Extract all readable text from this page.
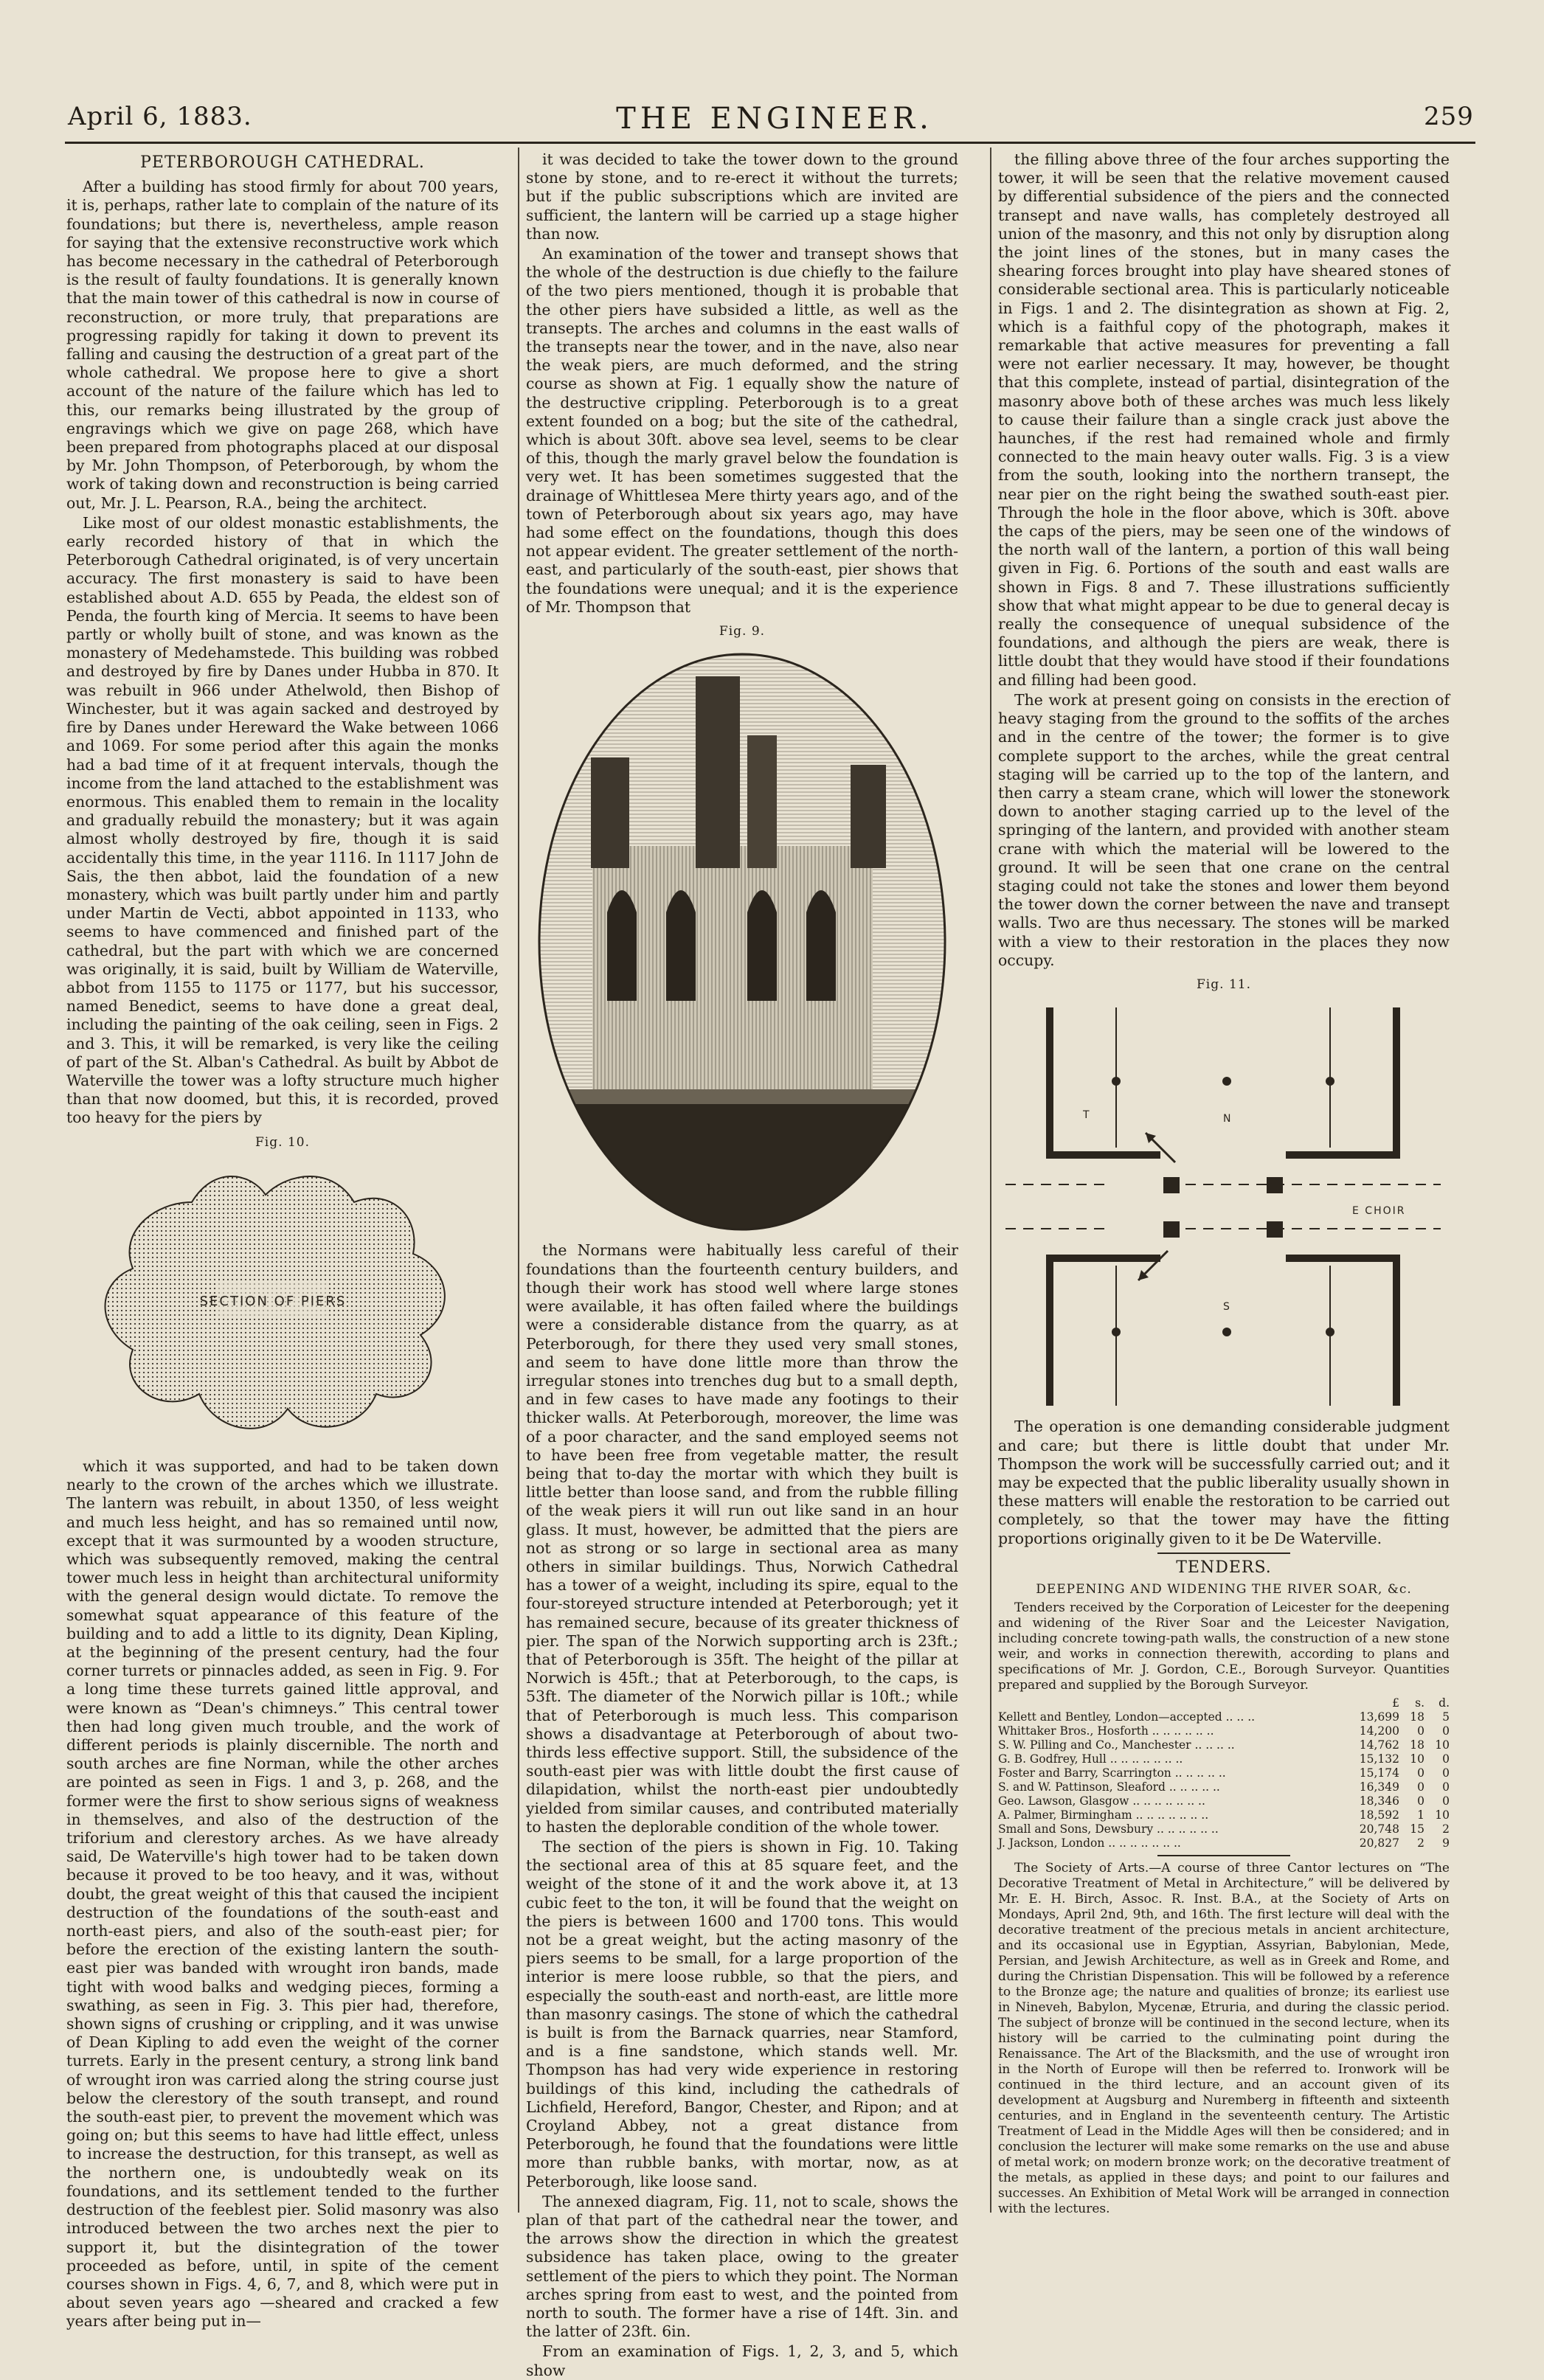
April 6, 1883.	THE ENGINEER.	259
PETERBOROUGH CATHEDRAL.

After a building has stood firmly for about 700 years, it is, perhaps, rather late to complain of the nature of its foundations; but there is, nevertheless, ample reason for saying that the extensive reconstructive work which has become necessary in the cathedral of Peterborough is the result of faulty foundations. It is generally known that the main tower of this cathedral is now in course of reconstruction, or more truly, that preparations are progressing rapidly for taking it down to prevent its falling and causing the destruction of a great part of the whole cathedral. We propose here to give a short account of the nature of the failure which has led to this, our remarks being illustrated by the group of engravings which we give on page 268, which have been prepared from photographs placed at our disposal by Mr. John Thompson, of Peterborough, by whom the work of taking down and reconstruction is being carried out, Mr. J. L. Pearson, R.A., being the architect.

Like most of our oldest monastic establishments, the early recorded history of that in which the Peterborough Cathedral originated, is of very uncertain accuracy. The first monastery is said to have been established about A.D. 655 by Peada, the eldest son of Penda, the fourth king of Mercia. It seems to have been partly or wholly built of stone, and was known as the monastery of Medehamstede. This building was robbed and destroyed by fire by Danes under Hubba in 870. It was rebuilt in 966 under Athelwold, then Bishop of Winchester, but it was again sacked and destroyed by fire by Danes under Hereward the Wake between 1066 and 1069. For some period after this again the monks had a bad time of it at frequent intervals, though the income from the land attached to the establishment was enormous. This enabled them to remain in the locality and gradually rebuild the monastery; but it was again almost wholly destroyed by fire, though it is said accidentally this time, in the year 1116. In 1117 John de Sais, the then abbot, laid the foundation of a new monastery, which was built partly under him and partly under Martin de Vecti, abbot appointed in 1133, who seems to have commenced and finished part of the cathedral, but the part with which we are concerned was originally, it is said, built by William de Waterville, abbot from 1155 to 1175 or 1177, but his successor, named Benedict, seems to have done a great deal, including the painting of the oak ceiling, seen in Figs. 2 and 3. This, it will be remarked, is very like the ceiling of part of the St. Alban's Cathedral. As built by Abbot de Waterville the tower was a lofty structure much higher than that now doomed, but this, it is recorded, proved too heavy for the piers by

Fig. 10.
SECTION OF PIERS

which it was supported, and had to be taken down nearly to the crown of the arches which we illustrate. The lantern was rebuilt, in about 1350, of less weight and much less height, and has so remained until now, except that it was surmounted by a wooden structure, which was subsequently removed, making the central tower much less in height than architectural uniformity with the general design would dictate. To remove the somewhat squat appearance of this feature of the building and to add a little to its dignity, Dean Kipling, at the beginning of the present century, had the four corner turrets or pinnacles added, as seen in Fig. 9. For a long time these turrets gained little approval, and were known as “Dean's chimneys.” This central tower then had long given much trouble, and the work of different periods is plainly discernible. The north and south arches are fine Norman, while the other arches are pointed as seen in Figs. 1 and 3, p. 268, and the former were the first to show serious signs of weakness in themselves, and also of the destruction of the triforium and clerestory arches. As we have already said, De Waterville's high tower had to be taken down because it proved to be too heavy, and it was, without doubt, the great weight of this that caused the incipient destruction of the foundations of the south-east and north-east piers, and also of the south-east pier; for before the erection of the existing lantern the south-east pier was banded with wrought iron bands, made tight with wood balks and wedging pieces, forming a swathing, as seen in Fig. 3. This pier had, therefore, shown signs of crushing or crippling, and it was unwise of Dean Kipling to add even the weight of the corner turrets. Early in the present century, a strong link band of wrought iron was carried along the string course just below the clerestory of the south transept, and round the south-east pier, to prevent the movement which was going on; but this seems to have had little effect, unless to increase the destruction, for this transept, as well as the northern one, is undoubtedly weak on its foundations, and its settlement tended to the further destruction of the feeblest pier. Solid masonry was also introduced between the two arches next the pier to support it, but the disintegration of the tower proceeded as before, until, in spite of the cement courses shown in Figs. 4, 6, 7, and 8, which were put in about seven years ago —sheared and cracked a few years after being put in—

it was decided to take the tower down to the ground stone by stone, and to re-erect it without the turrets; but if the public subscriptions which are invited are sufficient, the lantern will be carried up a stage higher than now.

An examination of the tower and transept shows that the whole of the destruction is due chiefly to the failure of the two piers mentioned, though it is probable that the other piers have subsided a little, as well as the transepts. The arches and columns in the east walls of the transepts near the tower, and in the nave, also near the weak piers, are much deformed, and the string course as shown at Fig. 1 equally show the nature of the destructive crippling. Peterborough is to a great extent founded on a bog; but the site of the cathedral, which is about 30ft. above sea level, seems to be clear of this, though the marly gravel below the foundation is very wet. It has been sometimes suggested that the drainage of Whittlesea Mere thirty years ago, and of the town of Peterborough about six years ago, may have had some effect on the foundations, though this does not appear evident. The greater settlement of the north-east, and particularly of the south-east, pier shows that the foundations were unequal; and it is the experience of Mr. Thompson that

Fig. 9.

the Normans were habitually less careful of their foundations than the fourteenth century builders, and though their work has stood well where large stones were available, it has often failed where the buildings were a considerable distance from the quarry, as at Peterborough, for there they used very small stones, and seem to have done little more than throw the irregular stones into trenches dug but to a small depth, and in few cases to have made any footings to their thicker walls. At Peterborough, moreover, the lime was of a poor character, and the sand employed seems not to have been free from vegetable matter, the result being that to-day the mortar with which they built is little better than loose sand, and from the rubble filling of the weak piers it will run out like sand in an hour glass. It must, however, be admitted that the piers are not as strong or so large in sectional area as many others in similar buildings. Thus, Norwich Cathedral has a tower of a weight, including its spire, equal to the four-storeyed structure intended at Peterborough; yet it has remained secure, because of its greater thickness of pier. The span of the Norwich supporting arch is 23ft.; that of Peterborough is 35ft. The height of the pillar at Norwich is 45ft.; that at Peterborough, to the caps, is 53ft. The diameter of the Norwich pillar is 10ft.; while that of Peterborough is much less. This comparison shows a disadvantage at Peterborough of about two-thirds less effective support. Still, the subsidence of the south-east pier was with little doubt the first cause of dilapidation, whilst the north-east pier undoubtedly yielded from similar causes, and contributed materially to hasten the deplorable condition of the whole tower.

The section of the piers is shown in Fig. 10. Taking the sectional area of this at 85 square feet, and the weight of the stone of it and the work above it, at 13 cubic feet to the ton, it will be found that the weight on the piers is between 1600 and 1700 tons. This would not be a great weight, but the acting masonry of the piers seems to be small, for a large proportion of the interior is mere loose rubble, so that the piers, and especially the south-east and north-east, are little more than masonry casings. The stone of which the cathedral is built is from the Barnack quarries, near Stamford, and is a fine sandstone, which stands well. Mr. Thompson has had very wide experience in restoring buildings of this kind, including the cathedrals of Lichfield, Hereford, Bangor, Chester, and Ripon; and at Croyland Abbey, not a great distance from Peterborough, he found that the foundations were little more than rubble banks, with mortar, now, as at Peterborough, like loose sand.

The annexed diagram, Fig. 11, not to scale, shows the plan of that part of the cathedral near the tower, and the arrows show the direction in which the greatest subsidence has taken place, owing to the greater settlement of the piers to which they point. The Norman arches spring from east to west, and the pointed from north to south. The former have a rise of 14ft. 3in. and the latter of 23ft. 6in.

From an examination of Figs. 1, 2, 3, and 5, which show

the filling above three of the four arches supporting the tower, it will be seen that the relative movement caused by differential subsidence of the piers and the connected transept and nave walls, has completely destroyed all union of the masonry, and this not only by disruption along the joint lines of the stones, but in many cases the shearing forces brought into play have sheared stones of considerable sectional area. This is particularly noticeable in Figs. 1 and 2. The disintegration as shown at Fig. 2, which is a faithful copy of the photograph, makes it remarkable that active measures for preventing a fall were not earlier necessary. It may, however, be thought that this complete, instead of partial, disintegration of the masonry above both of these arches was much less likely to cause their failure than a single crack just above the haunches, if the rest had remained whole and firmly connected to the main heavy outer walls. Fig. 3 is a view from the south, looking into the northern transept, the near pier on the right being the swathed south-east pier. Through the hole in the floor above, which is 30ft. above the caps of the piers, may be seen one of the windows of the north wall of the lantern, a portion of this wall being given in Fig. 6. Portions of the south and east walls are shown in Figs. 8 and 7. These illustrations sufficiently show that what might appear to be due to general decay is really the consequence of unequal subsidence of the foundations, and although the piers are weak, there is little doubt that they would have stood if their foundations and filling had been good.

The work at present going on consists in the erection of heavy staging from the ground to the soffits of the arches and in the centre of the tower; the former is to give complete support to the arches, while the great central staging will be carried up to the top of the lantern, and then carry a steam crane, which will lower the stonework down to another staging carried up to the level of the springing of the lantern, and provided with another steam crane with which the material will be lowered to the ground. It will be seen that one crane on the central staging could not take the stones and lower them beyond the tower down the corner between the nave and transept walls. Two are thus necessary. The stones will be marked with a view to their restoration in the places they now occupy.

Fig. 11.
T	N
E CHOIR
S

The operation is one demanding considerable judgment and care; but there is little doubt that under Mr. Thompson the work will be successfully carried out; and it may be expected that the public liberality usually shown in these matters will enable the restoration to be carried out completely, so that the tower may have the fitting proportions originally given to it be De Waterville.

TENDERS.
DEEPENING AND WIDENING THE RIVER SOAR, &c.

Tenders received by the Corporation of Leicester for the deepening and widening of the River Soar and the Leicester Navigation, including concrete towing-path walls, the construction of a new stone weir, and works in connection therewith, according to plans and specifications of Mr. J. Gordon, C.E., Borough Surveyor. Quantities prepared and supplied by the Borough Surveyor.

	£	s.	d.
Kellett and Bentley, London—accepted .. .. ..	13,699	18	5
Whittaker Bros., Hosforth .. .. .. .. .. ..	14,200	0	0
S. W. Pilling and Co., Manchester .. .. .. ..	14,762	18	10
G. B. Godfrey, Hull .. .. .. .. .. .. ..	15,132	10	0
Foster and Barry, Scarrington .. .. .. .. ..	15,174	0	0
S. and W. Pattinson, Sleaford .. .. .. .. ..	16,349	0	0
Geo. Lawson, Glasgow .. .. .. .. .. .. ..	18,346	0	0
A. Palmer, Birmingham .. .. .. .. .. .. ..	18,592	1	10
Small and Sons, Dewsbury .. .. .. .. .. ..	20,748	15	2
J. Jackson, London .. .. .. .. .. .. ..	20,827	2	9

The Society of Arts.—A course of three Cantor lectures on “The Decorative Treatment of Metal in Architecture,” will be delivered by Mr. E. H. Birch, Assoc. R. Inst. B.A., at the Society of Arts on Mondays, April 2nd, 9th, and 16th. The first lecture will deal with the decorative treatment of the precious metals in ancient architecture, and its occasional use in Egyptian, Assyrian, Babylonian, Mede, Persian, and Jewish Architecture, as well as in Greek and Rome, and during the Christian Dispensation. This will be followed by a reference to the Bronze age; the nature and qualities of bronze; its earliest use in Nineveh, Babylon, Mycenæ, Etruria, and during the classic period. The subject of bronze will be continued in the second lecture, when its history will be carried to the culminating point during the Renaissance. The Art of the Blacksmith, and the use of wrought iron in the North of Europe will then be referred to. Ironwork will be continued in the third lecture, and an account given of its development at Augsburg and Nuremberg in fifteenth and sixteenth centuries, and in England in the seventeenth century. The Artistic Treatment of Lead in the Middle Ages will then be considered; and in conclusion the lecturer will make some remarks on the use and abuse of metal work; on modern bronze work; on the decorative treatment of the metals, as applied in these days; and point to our failures and successes. An Exhibition of Metal Work will be arranged in connection with the lectures.
